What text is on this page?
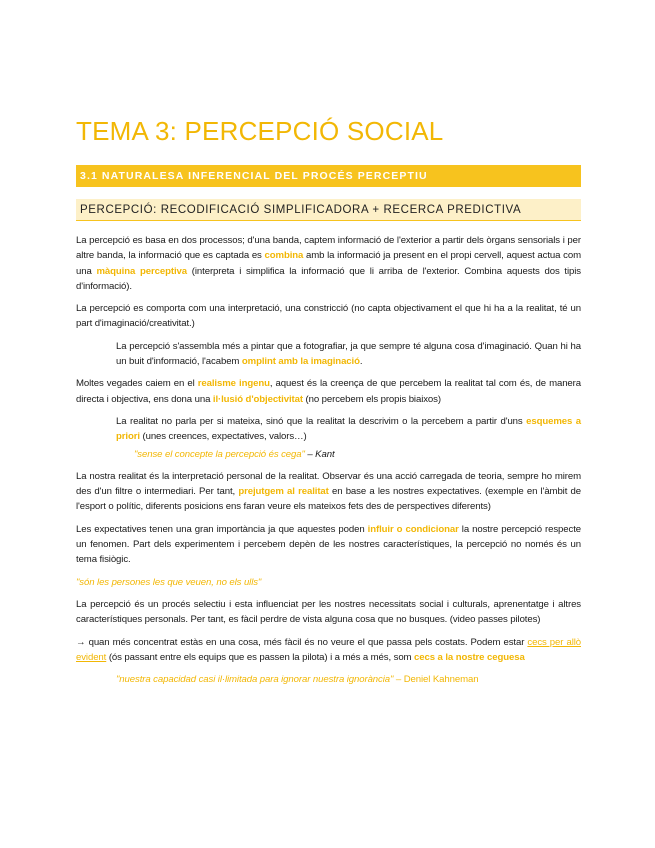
TEMA 3: PERCEPCIÓ SOCIAL
3.1 NATURALESA INFERENCIAL DEL PROCÉS PERCEPTIU
PERCEPCIÓ: RECODIFICACIÓ SIMPLIFICADORA + RECERCA PREDICTIVA

La percepció es basa en dos processos; d'una banda, captem informació de l'exterior a partir dels òrgans sensorials i per altre banda, la informació que es captada es combina amb la informació ja present en el propi cervell, aquest actua com una màquina perceptiva (interpreta i simplifica la informació que li arriba de l'exterior. Combina aquests dos tipis d'informació).

La percepció es comporta com una interpretació, una constricció (no capta objectivament el que hi ha a la realitat, té un part d'imaginació/creativitat.)

La percepció s'assembla més a pintar que a fotografiar, ja que sempre té alguna cosa d'imaginació. Quan hi ha un buit d'informació, l'acabem omplint amb la imaginació.

Moltes vegades caiem en el realisme ingenu, aquest és la creença de que percebem la realitat tal com és, de manera directa i objectiva, ens dona una il·lusió d'objectivitat (no percebem els propis biaixos)

La realitat no parla per si mateixa, sinó que la realitat la descrivim o la percebem a partir d'uns esquemes a priori (unes creences, expectatives, valors…)

"sense el concepte la percepció és cega" – Kant

La nostra realitat és la interpretació personal de la realitat. Observar és una acció carregada de teoria, sempre ho mirem des d'un filtre o intermediari. Per tant, prejutgem al realitat en base a les nostres expectatives. (exemple en l'àmbit de l'esport o polític, diferents posicions ens faran veure els mateixos fets des de perspectives diferents)

Les expectatives tenen una gran importància ja que aquestes poden influir o condicionar la nostre percepció respecte un fenomen. Part dels experimentem i percebem depèn de les nostres característiques, la percepció no només és un tema fisiògic.

"són les persones les que veuen, no els ulls"

La percepció és un procés selectiu i esta influenciat per les nostres necessitats social i culturals, aprenentatge i altres característiques personals. Per tant, es fàcil perdre de vista alguna cosa que no busques. (video passes pilotes)

→ quan més concentrat estàs en una cosa, més fàcil és no veure el que passa pels costats. Podem estar cecs per allò evident (ós passant entre els equips que es passen la pilota) i a més a més, som cecs a la nostre ceguesa

"nuestra capacidad casi il·limitada para ignorar nuestra ignorància" – Deniel Kahneman
